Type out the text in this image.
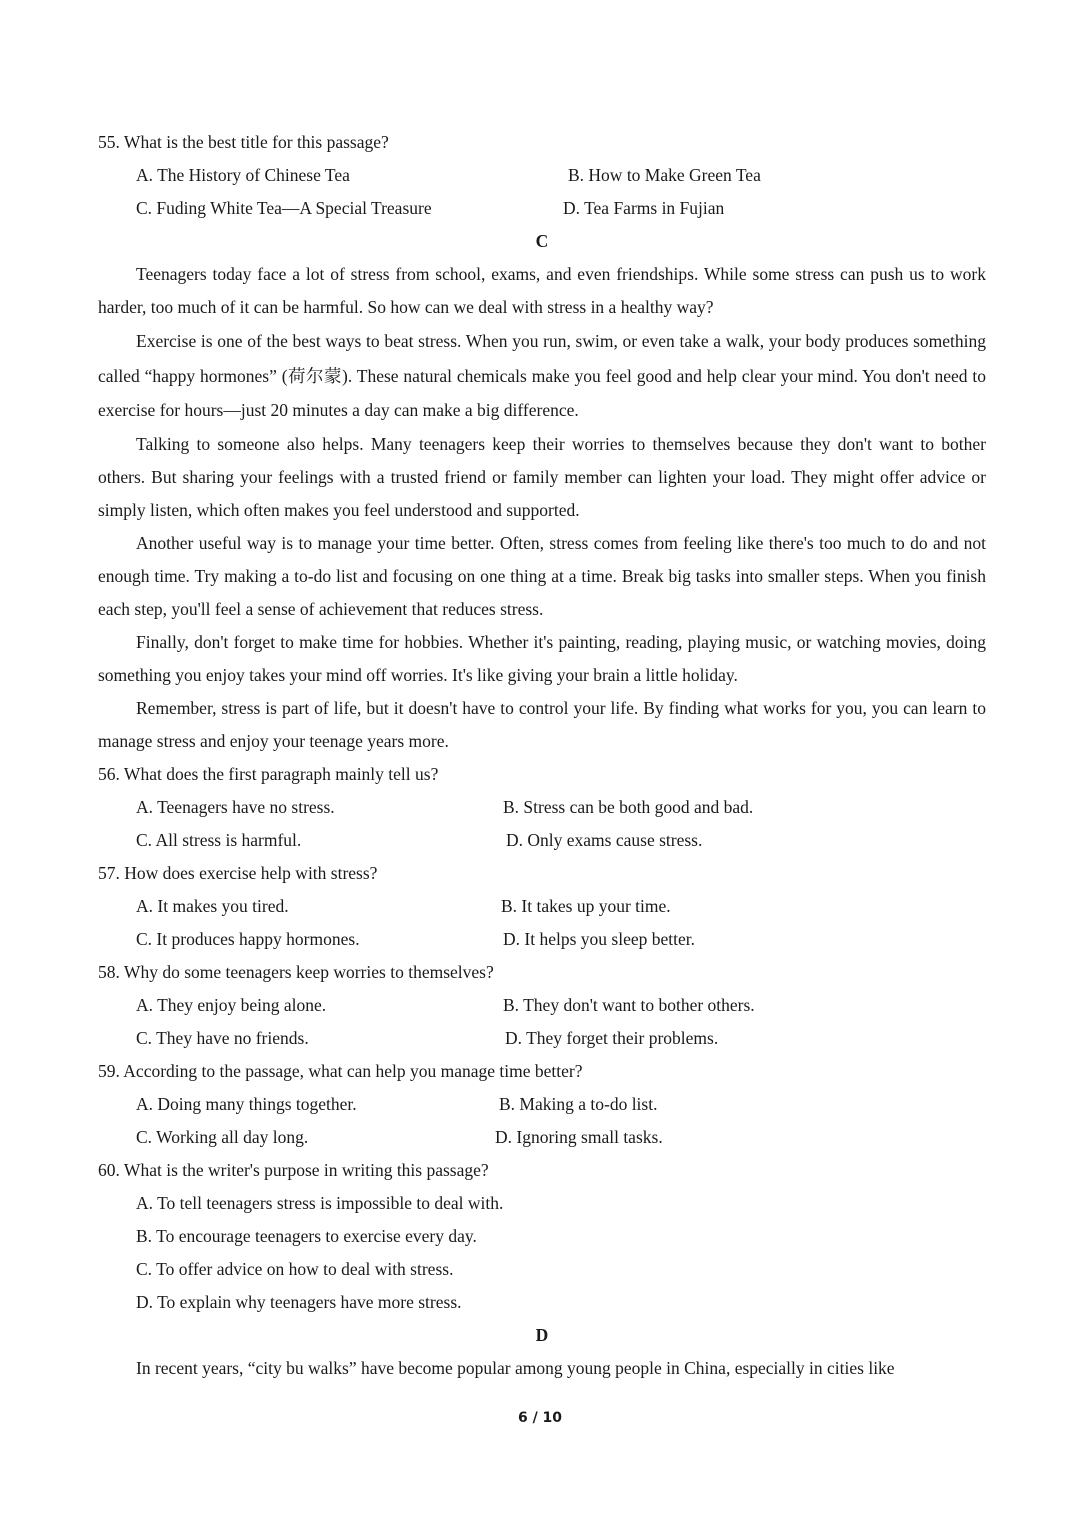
55. What is the best title for this passage?
A. The History of Chinese Tea	B. How to Make Green Tea
C. Fuding White Tea—A Special Treasure	D. Tea Farms in Fujian
C
Teenagers today face a lot of stress from school, exams, and even friendships. While some stress can push us to work harder, too much of it can be harmful. So how can we deal with stress in a healthy way?
Exercise is one of the best ways to beat stress. When you run, swim, or even take a walk, your body produces something called “happy hormones” (荷尔蒙). These natural chemicals make you feel good and help clear your mind. You don't need to exercise for hours—just 20 minutes a day can make a big difference.
Talking to someone also helps. Many teenagers keep their worries to themselves because they don't want to bother others. But sharing your feelings with a trusted friend or family member can lighten your load. They might offer advice or simply listen, which often makes you feel understood and supported.
Another useful way is to manage your time better. Often, stress comes from feeling like there's too much to do and not enough time. Try making a to-do list and focusing on one thing at a time. Break big tasks into smaller steps. When you finish each step, you'll feel a sense of achievement that reduces stress.
Finally, don't forget to make time for hobbies. Whether it's painting, reading, playing music, or watching movies, doing something you enjoy takes your mind off worries. It's like giving your brain a little holiday.
Remember, stress is part of life, but it doesn't have to control your life. By finding what works for you, you can learn to manage stress and enjoy your teenage years more.
56. What does the first paragraph mainly tell us?
A. Teenagers have no stress.	B. Stress can be both good and bad.
C. All stress is harmful.	D. Only exams cause stress.
57. How does exercise help with stress?
A. It makes you tired.	B. It takes up your time.
C. It produces happy hormones.	D. It helps you sleep better.
58. Why do some teenagers keep worries to themselves?
A. They enjoy being alone.	B. They don't want to bother others.
C. They have no friends.	D. They forget their problems.
59. According to the passage, what can help you manage time better?
A. Doing many things together.	B. Making a to-do list.
C. Working all day long.	D. Ignoring small tasks.
60. What is the writer's purpose in writing this passage?
A. To tell teenagers stress is impossible to deal with.
B. To encourage teenagers to exercise every day.
C. To offer advice on how to deal with stress.
D. To explain why teenagers have more stress.
D
In recent years, “city bu walks” have become popular among young people in China, especially in cities like
6 / 10
